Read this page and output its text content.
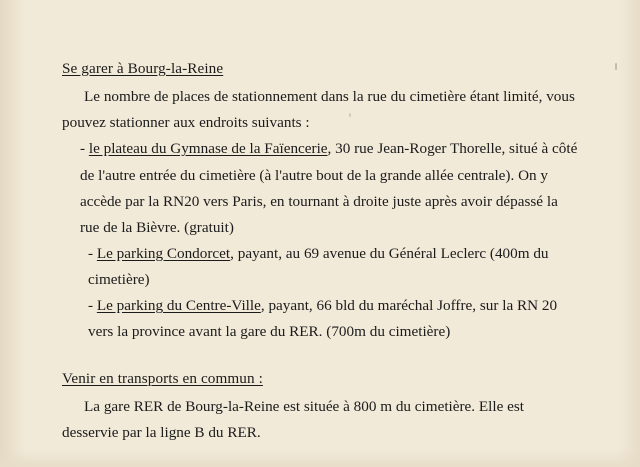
Se garer à Bourg-la-Reine

Le nombre de places de stationnement dans la rue du cimetière étant limité, vous pouvez stationner aux endroits suivants :

- le plateau du Gymnase de la Faïencerie, 30 rue Jean-Roger Thorelle, situé à côté de l'autre entrée du cimetière (à l'autre bout de la grande allée centrale). On y accède par la RN20 vers Paris, en tournant à droite juste après avoir dépassé la rue de la Bièvre. (gratuit)

- Le parking Condorcet, payant, au 69 avenue du Général Leclerc (400m du cimetière)

- Le parking du Centre-Ville, payant, 66 bld du maréchal Joffre, sur la RN 20 vers la province avant la gare du RER. (700m du cimetière)

Venir en transports en commun :

La gare RER de Bourg-la-Reine est située à 800 m du cimetière. Elle est desservie par la ligne B du RER.
